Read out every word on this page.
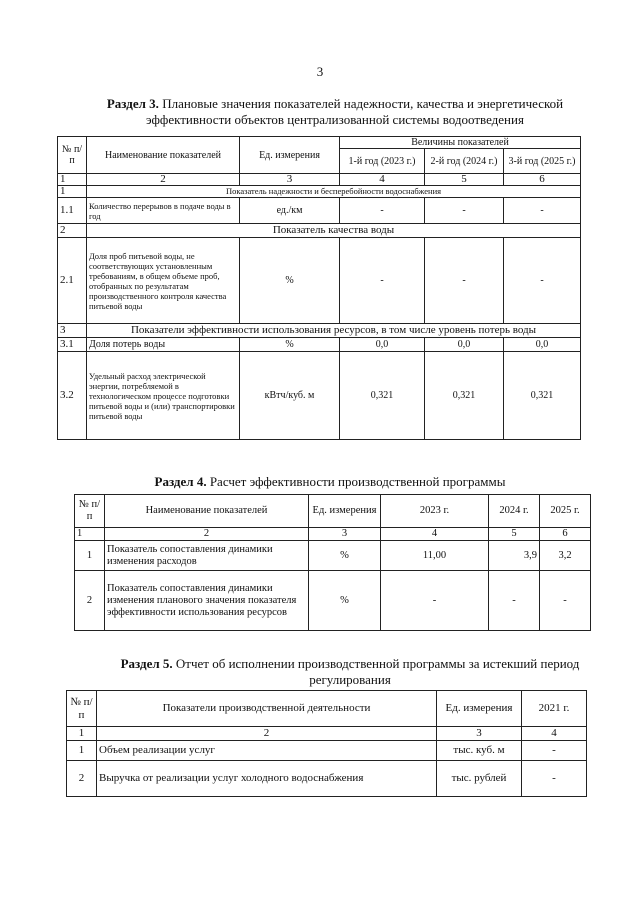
3
Раздел 3. Плановые значения показателей надежности, качества и энергетической
эффективности объектов централизованной системы водоотведения
№ п/п	Наименование показателей	Ед. измерения	Величины показателей		
			1-й год (2023 г.)	2-й год (2024 г.)	3-й год (2025 г.)
1	2	3	4	5	6
1	Показатель надежности и бесперебойности водоснабжения				
1.1	Количество перерывов в подаче воды в год	ед./км	-	-	-
2	Показатель качества воды				
2.1	Доля проб питьевой воды, не соответствующих установленным требованиям, в общем объеме проб, отобранных по результатам производственного контроля качества питьевой воды	%	-	-	-
3	Показатели эффективности использования ресурсов, в том числе уровень потерь воды				
3.1	Доля потерь воды	%	0,0	0,0	0,0
3.2	Удельный расход электрической энергии, потребляемой в технологическом процессе подготовки питьевой воды и (или) транспортировки питьевой воды	кВтч/куб. м	0,321	0,321	0,321
Раздел 4. Расчет эффективности производственной программы
№ п/п	Наименование показателей	Ед. измерения	2023 г.	2024 г.	2025 г.
1	2	3	4	5	6
1	Показатель сопоставления динамики изменения расходов	%	11,00	3,9	3,2
2	Показатель сопоставления динамики изменения планового значения показателя эффективности использования ресурсов	%	-	-	-
Раздел 5. Отчет об исполнении производственной программы за истекший период
регулирования
№ п/п	Показатели производственной деятельности	Ед. измерения	2021 г.
1	2	3	4
1	Объем реализации услуг	тыс. куб. м	-
2	Выручка от реализации услуг холодного водоснабжения	тыс. рублей	-
